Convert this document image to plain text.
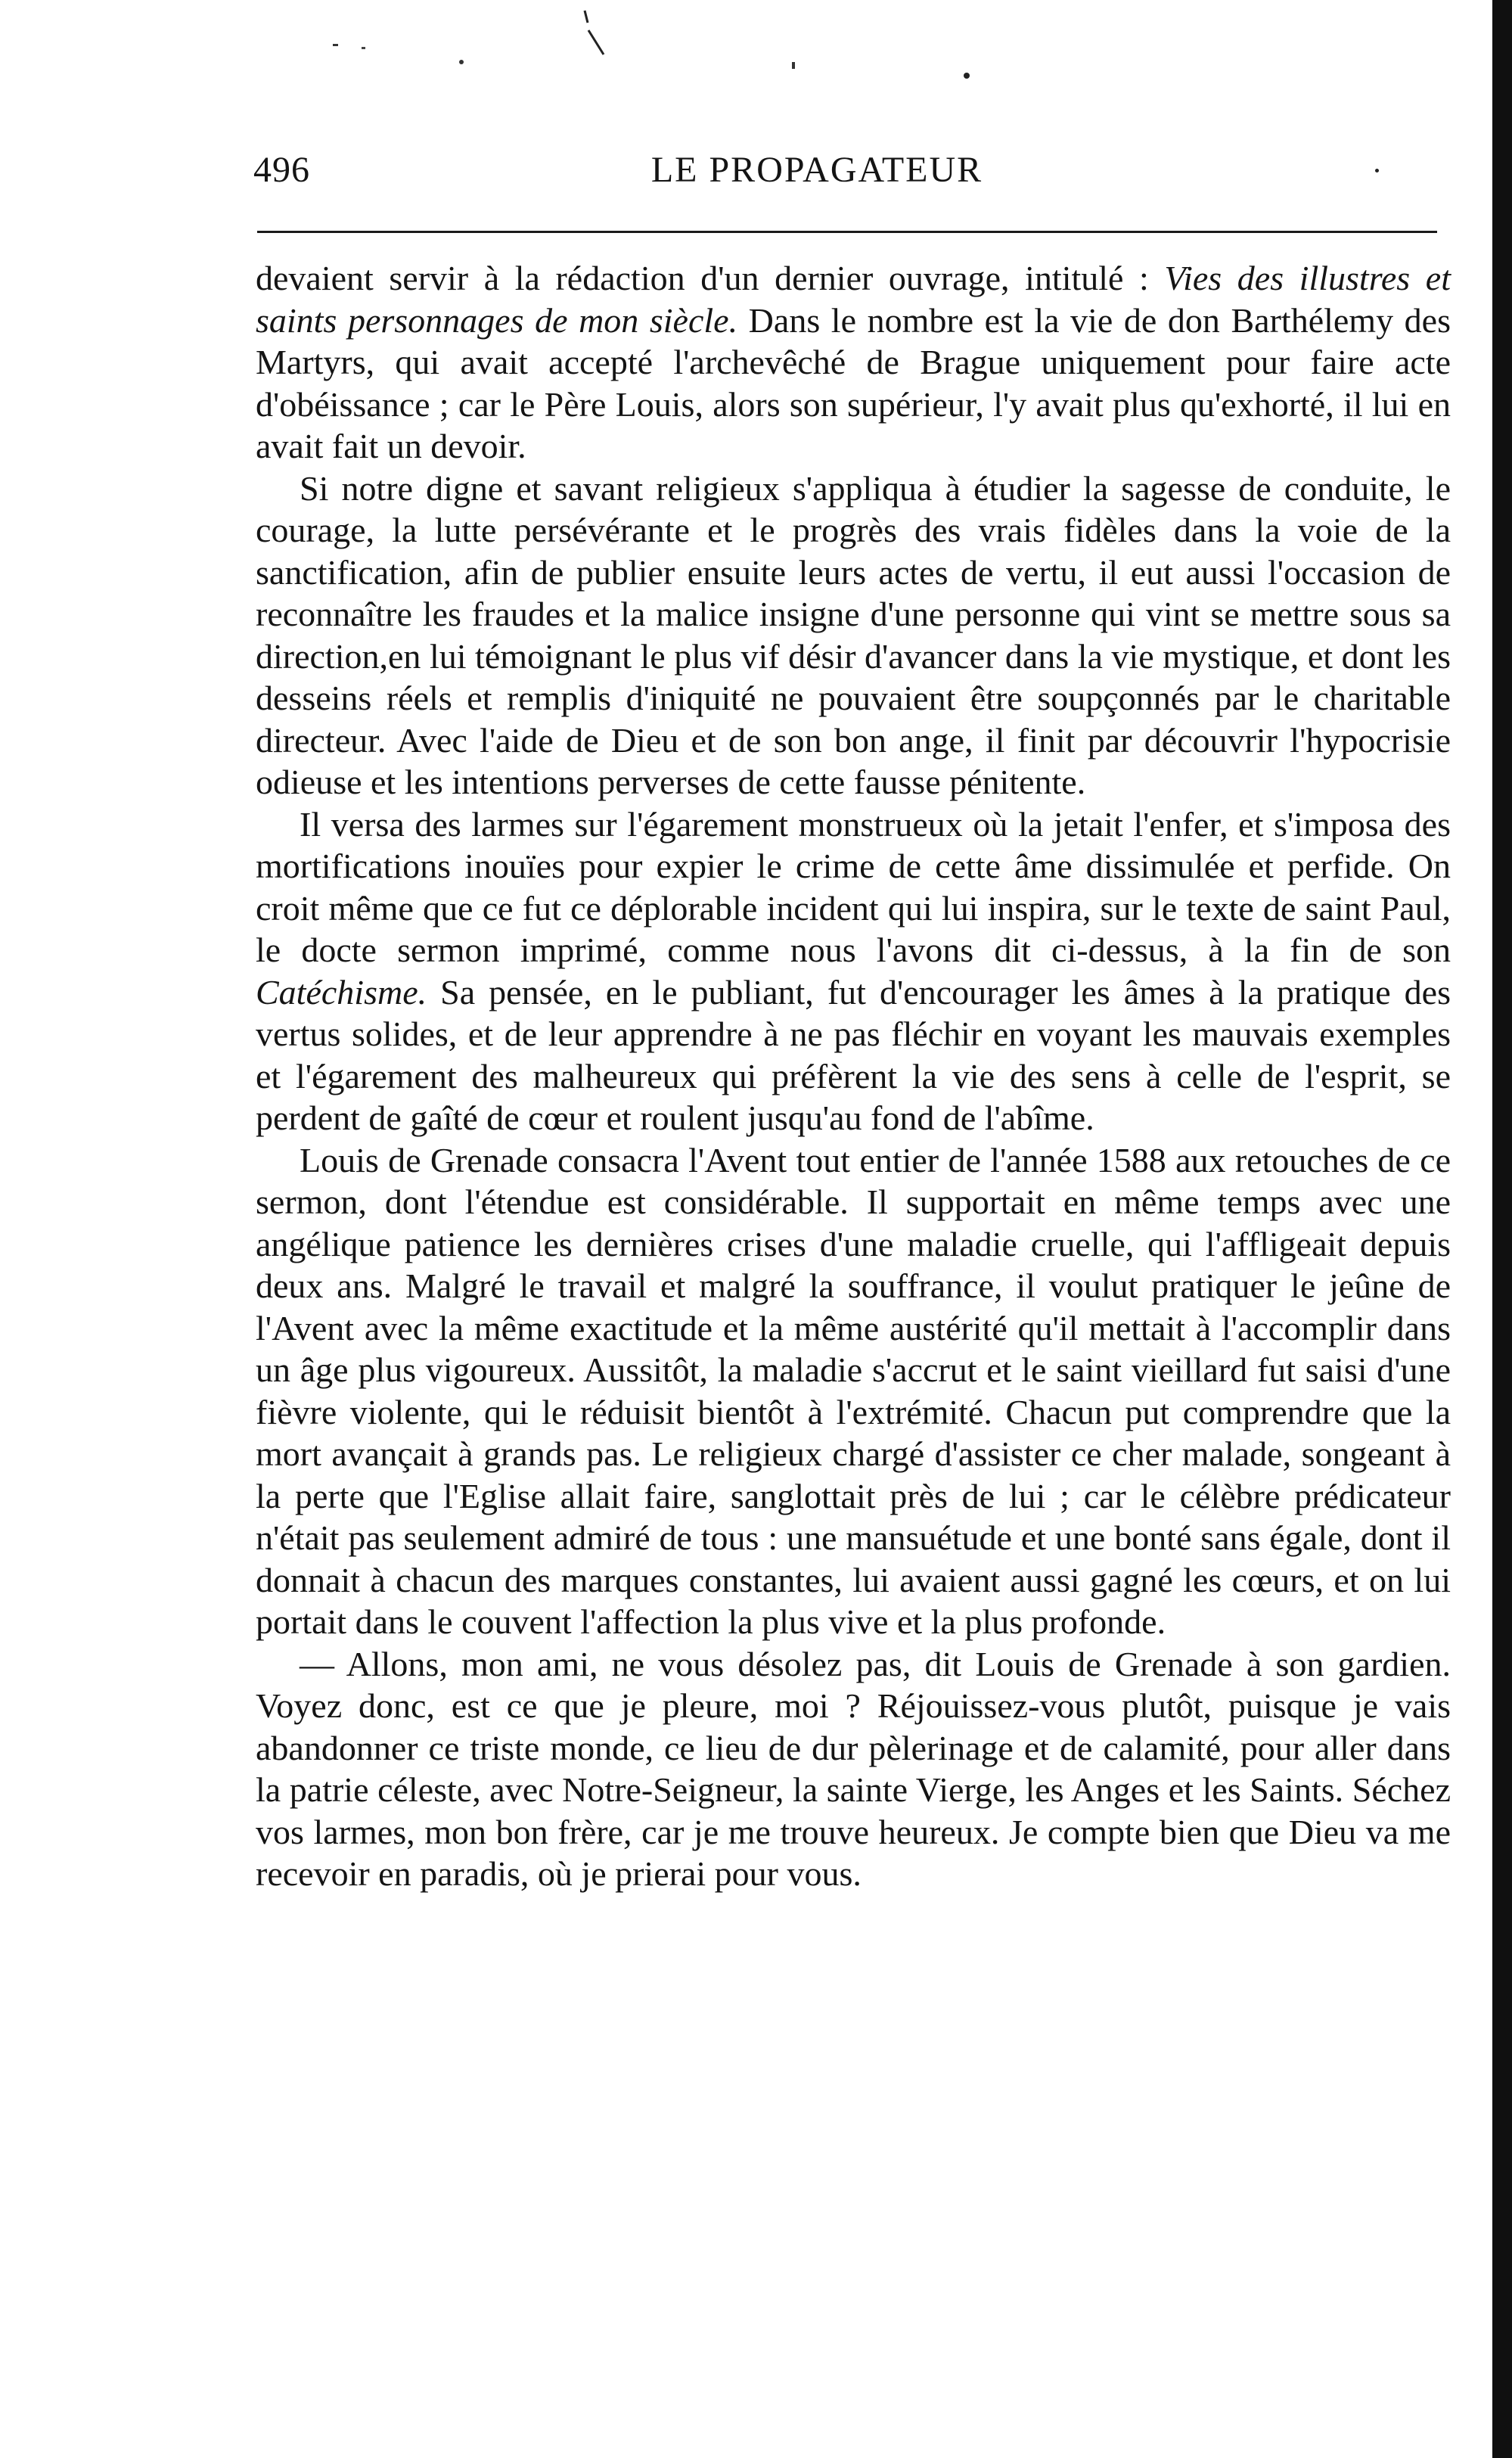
496	LE PROPAGATEUR

devaient servir à la rédaction d'un dernier ouvrage, intitulé : Vies des illustres et saints personnages de mon siècle. Dans le nombre est la vie de don Barthélemy des Martyrs, qui avait accepté l'archevêché de Brague uniquement pour faire acte d'obéissance ; car le Père Louis, alors son supérieur, l'y avait plus qu'exhorté, il lui en avait fait un devoir.

Si notre digne et savant religieux s'appliqua à étudier la sagesse de conduite, le courage, la lutte persévérante et le progrès des vrais fidèles dans la voie de la sanctification, afin de publier ensuite leurs actes de vertu, il eut aussi l'occasion de reconnaître les fraudes et la malice insigne d'une personne qui vint se mettre sous sa direction,en lui témoignant le plus vif désir d'avancer dans la vie mystique, et dont les desseins réels et remplis d'iniquité ne pouvaient être soupçonnés par le charitable directeur. Avec l'aide de Dieu et de son bon ange, il finit par découvrir l'hypocrisie odieuse et les intentions perverses de cette fausse pénitente.

Il versa des larmes sur l'égarement monstrueux où la jetait l'enfer, et s'imposa des mortifications inouïes pour expier le crime de cette âme dissimulée et perfide. On croit même que ce fut ce déplorable incident qui lui inspira, sur le texte de saint Paul, le docte sermon imprimé, comme nous l'avons dit ci-dessus, à la fin de son Catéchisme. Sa pensée, en le publiant, fut d'encourager les âmes à la pratique des vertus solides, et de leur apprendre à ne pas fléchir en voyant les mauvais exemples et l'égarement des malheureux qui préfèrent la vie des sens à celle de l'esprit, se perdent de gaîté de cœur et roulent jusqu'au fond de l'abîme.

Louis de Grenade consacra l'Avent tout entier de l'année 1588 aux retouches de ce sermon, dont l'étendue est considérable. Il supportait en même temps avec une angélique patience les dernières crises d'une maladie cruelle, qui l'affligeait depuis deux ans. Malgré le travail et malgré la souffrance, il voulut pratiquer le jeûne de l'Avent avec la même exactitude et la même austérité qu'il mettait à l'accomplir dans un âge plus vigoureux. Aussitôt, la maladie s'accrut et le saint vieillard fut saisi d'une fièvre violente, qui le réduisit bientôt à l'extrémité. Chacun put comprendre que la mort avançait à grands pas. Le religieux chargé d'assister ce cher malade, songeant à la perte que l'Eglise allait faire, sanglottait près de lui ; car le célèbre prédicateur n'était pas seulement admiré de tous : une mansuétude et une bonté sans égale, dont il donnait à chacun des marques constantes, lui avaient aussi gagné les cœurs, et on lui portait dans le couvent l'affection la plus vive et la plus profonde.

— Allons, mon ami, ne vous désolez pas, dit Louis de Grenade à son gardien. Voyez donc, est ce que je pleure, moi ? Réjouissez-vous plutôt, puisque je vais abandonner ce triste monde, ce lieu de dur pèlerinage et de calamité, pour aller dans la patrie céleste, avec Notre-Seigneur, la sainte Vierge, les Anges et les Saints. Séchez vos larmes, mon bon frère, car je me trouve heureux. Je compte bien que Dieu va me recevoir en paradis, où je prierai pour vous.
